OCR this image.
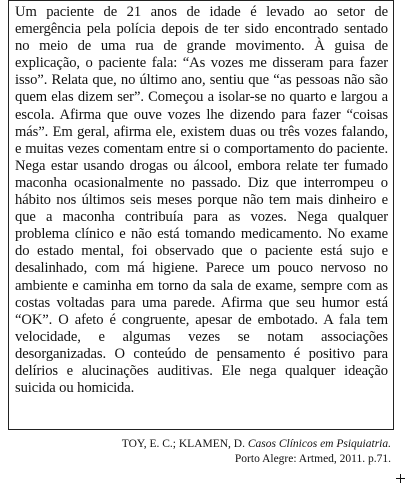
Um paciente de 21 anos de idade é levado ao setor de emergência pela polícia depois de ter sido encontrado sentado no meio de uma rua de grande movimento. À guisa de explicação, o paciente fala: “As vozes me disseram para fazer isso”. Relata que, no último ano, sentiu que “as pessoas não são quem elas dizem ser”. Começou a isolar-se no quarto e largou a escola. Afirma que ouve vozes lhe dizendo para fazer “coisas más”. Em geral, afirma ele, existem duas ou três vozes falando, e muitas vezes comentam entre si o comportamento do paciente. Nega estar usando drogas ou álcool, embora relate ter fumado maconha ocasionalmente no passado. Diz que interrompeu o hábito nos últimos seis meses porque não tem mais dinheiro e que a maconha contribuía para as vozes. Nega qualquer problema clínico e não está tomando medicamento. No exame do estado mental, foi observado que o paciente está sujo e desalinhado, com má higiene. Parece um pouco nervoso no ambiente e caminha em torno da sala de exame, sempre com as costas voltadas para uma parede. Afirma que seu humor está “OK”. O afeto é congruente, apesar de embotado. A fala tem velocidade, e algumas vezes se notam associações desorganizadas. O conteúdo de pensamento é positivo para delírios e alucinações auditivas. Ele nega qualquer ideação suicida ou homicida.

TOY, E. C.; KLAMEN, D. Casos Clínicos em Psiquiatria.
Porto Alegre: Artmed, 2011. p.71.
